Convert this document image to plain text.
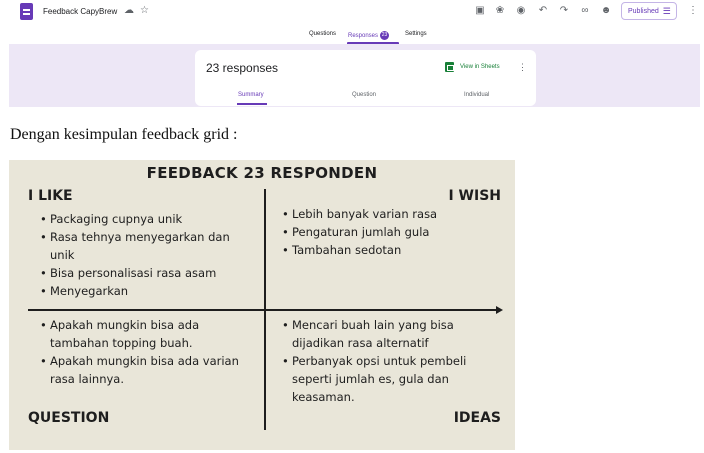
Feedback CapyBrew ☁ ☆	▣ ❀ ◉ ↶ ↷ ∞ ☻ Published ☰ ⋮
Questions Responses 23	Settings
23 responses	View in Sheets ⋮
Summary	Question	Individual
Dengan kesimpulan feedback grid :
FEEDBACK 23 RESPONDEN
I LIKE
• Packaging cupnya unik
• Rasa tehnya menyegarkan dan unik
• Bisa personalisasi rasa asam
• Menyegarkan
I WISH
• Lebih banyak varian rasa
• Pengaturan jumlah gula
• Tambahan sedotan
• Apakah mungkin bisa ada tambahan topping buah.
• Apakah mungkin bisa ada varian rasa lainnya.
QUESTION
• Mencari buah lain yang bisa dijadikan rasa alternatif
• Perbanyak opsi untuk pembeli seperti jumlah es, gula dan keasaman.
IDEAS
